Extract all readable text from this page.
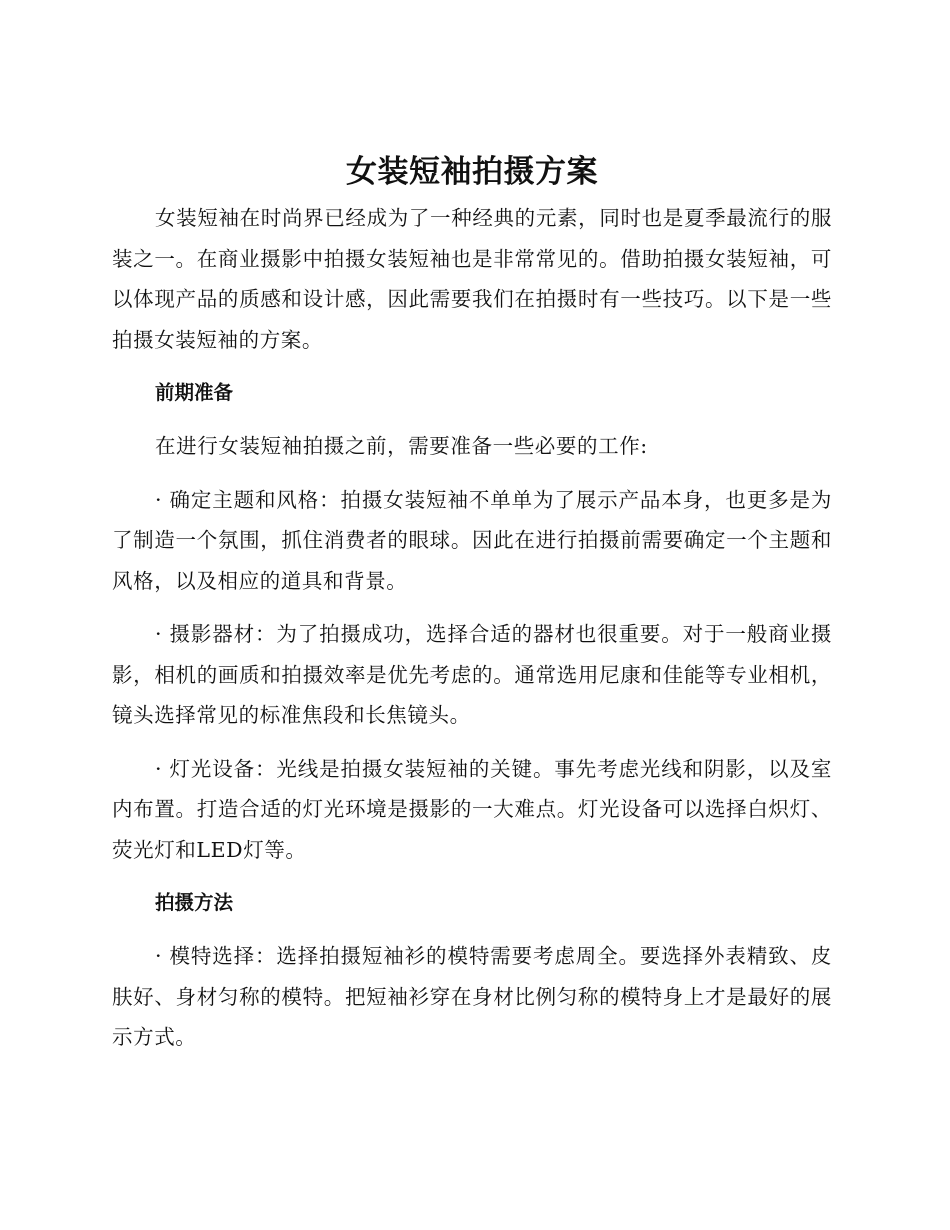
女装短袖拍摄方案

女装短袖在时尚界已经成为了一种经典的元素，同时也是夏季最流行的服装之一。在商业摄影中拍摄女装短袖也是非常常见的。借助拍摄女装短袖，可以体现产品的质感和设计感，因此需要我们在拍摄时有一些技巧。以下是一些拍摄女装短袖的方案。

前期准备

在进行女装短袖拍摄之前，需要准备一些必要的工作:

· 确定主题和风格：拍摄女装短袖不单单为了展示产品本身，也更多是为了制造一个氛围，抓住消费者的眼球。因此在进行拍摄前需要确定一个主题和风格，以及相应的道具和背景。

· 摄影器材：为了拍摄成功，选择合适的器材也很重要。对于一般商业摄影，相机的画质和拍摄效率是优先考虑的。通常选用尼康和佳能等专业相机，镜头选择常见的标准焦段和长焦镜头。

· 灯光设备：光线是拍摄女装短袖的关键。事先考虑光线和阴影，以及室内布置。打造合适的灯光环境是摄影的一大难点。灯光设备可以选择白炽灯、荧光灯和LED灯等。

拍摄方法

· 模特选择：选择拍摄短袖衫的模特需要考虑周全。要选择外表精致、皮肤好、身材匀称的模特。把短袖衫穿在身材比例匀称的模特身上才是最好的展示方式。
